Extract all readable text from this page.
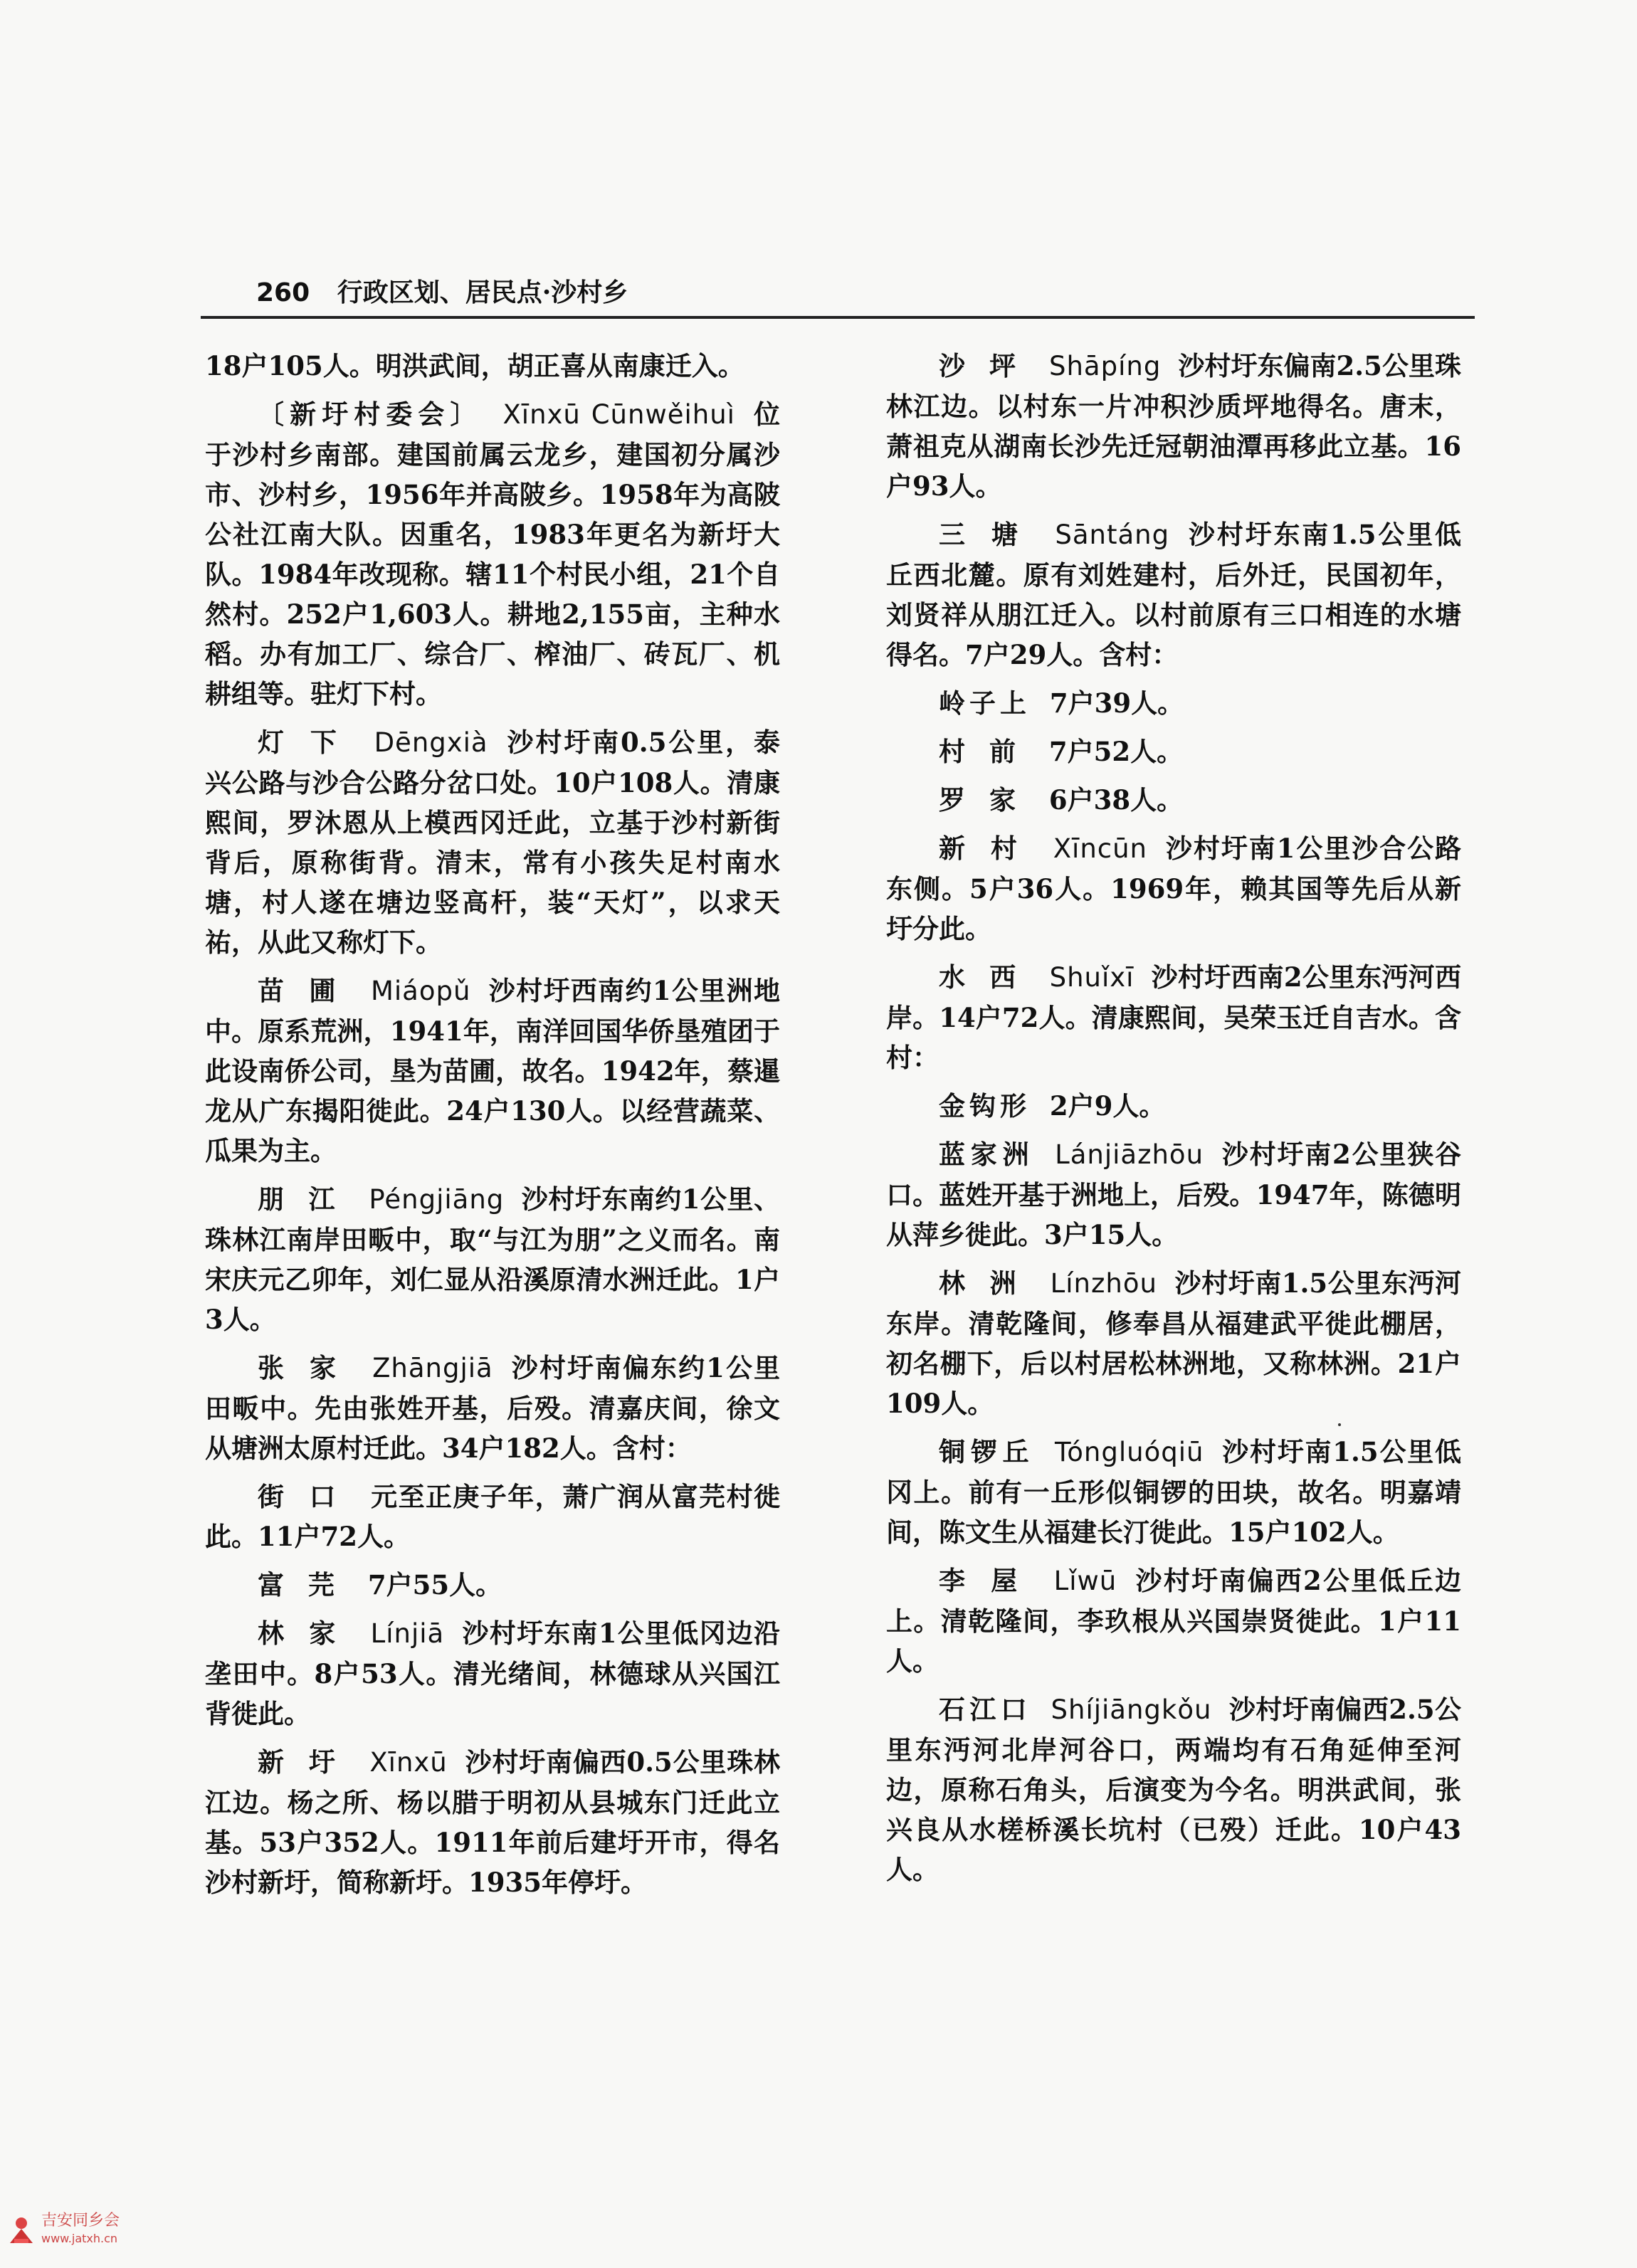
260 行政区划、居民点·沙村乡

18户105人。明洪武间，胡正喜从南康迁入。

〔新圩村委会〕 Xīnxū Cūnwěihuì 位于沙村乡南部。建国前属云龙乡，建国初分属沙市、沙村乡，1956年并高陂乡。1958年为高陂公社江南大队。因重名，1983年更名为新圩大队。1984年改现称。辖11个村民小组，21个自然村。252户1,603人。耕地2,155亩，主种水稻。办有加工厂、综合厂、榨油厂、砖瓦厂、机耕组等。驻灯下村。

灯下 Dēngxià 沙村圩南0.5公里，泰兴公路与沙合公路分岔口处。10户108人。清康熙间，罗沐恩从上模西冈迁此，立基于沙村新街背后，原称街背。清末，常有小孩失足村南水塘，村人遂在塘边竖高杆，装“天灯”，以求天祐，从此又称灯下。

苗圃 Miáopǔ 沙村圩西南约1公里洲地中。原系荒洲，1941年，南洋回国华侨垦殖团于此设南侨公司，垦为苗圃，故名。1942年，蔡暹龙从广东揭阳徙此。24户130人。以经营蔬菜、瓜果为主。

朋江 Péngjiāng 沙村圩东南约1公里、珠林江南岸田畈中，取“与江为朋”之义而名。南宋庆元乙卯年，刘仁显从沿溪原清水洲迁此。1户3人。

张家 Zhāngjiā 沙村圩南偏东约1公里田畈中。先由张姓开基，后殁。清嘉庆间，徐文从塘洲太原村迁此。34户182人。含村：

街口 元至正庚子年，萧广润从富芫村徙此。11户72人。

富芫 7户55人。

林家 Línjiā 沙村圩东南1公里低冈边沿垄田中。8户53人。清光绪间，林德球从兴国江背徙此。

新圩 Xīnxū 沙村圩南偏西0.5公里珠林江边。杨之所、杨以腊于明初从县城东门迁此立基。53户352人。1911年前后建圩开市，得名沙村新圩，简称新圩。1935年停圩。

沙坪 Shāpíng 沙村圩东偏南2.5公里珠林江边。以村东一片冲积沙质坪地得名。唐末，萧祖克从湖南长沙先迁冠朝油潭再移此立基。16户93人。

三塘 Sāntáng 沙村圩东南1.5公里低丘西北麓。原有刘姓建村，后外迁，民国初年，刘贤祥从朋江迁入。以村前原有三口相连的水塘得名。7户29人。含村：

岭子上 7户39人。

村前 7户52人。

罗家 6户38人。

新村 Xīncūn 沙村圩南1公里沙合公路东侧。5户36人。1969年，赖其国等先后从新圩分此。

水西 Shuǐxī 沙村圩西南2公里东沔河西岸。14户72人。清康熙间，吴荣玉迁自吉水。含村：

金钩形 2户9人。

蓝家洲 Lánjiāzhōu 沙村圩南2公里狭谷口。蓝姓开基于洲地上，后殁。1947年，陈德明从萍乡徙此。3户15人。

林洲 Línzhōu 沙村圩南1.5公里东沔河东岸。清乾隆间，修奉昌从福建武平徙此棚居，初名棚下，后以村居松林洲地，又称林洲。21户109人。

铜锣丘 Tóngluóqiū 沙村圩南1.5公里低冈上。前有一丘形似铜锣的田块，故名。明嘉靖间，陈文生从福建长汀徙此。15户102人。

李屋 Lǐwū 沙村圩南偏西2公里低丘边上。清乾隆间，李玖根从兴国崇贤徙此。1户11人。

石江口 Shíjiāngkǒu 沙村圩南偏西2.5公里东沔河北岸河谷口，两端均有石角延伸至河边，原称石角头，后演变为今名。明洪武间，张兴良从水槎桥溪长坑村（已殁）迁此。10户43人。

吉安同乡会
www.jatxh.cn
